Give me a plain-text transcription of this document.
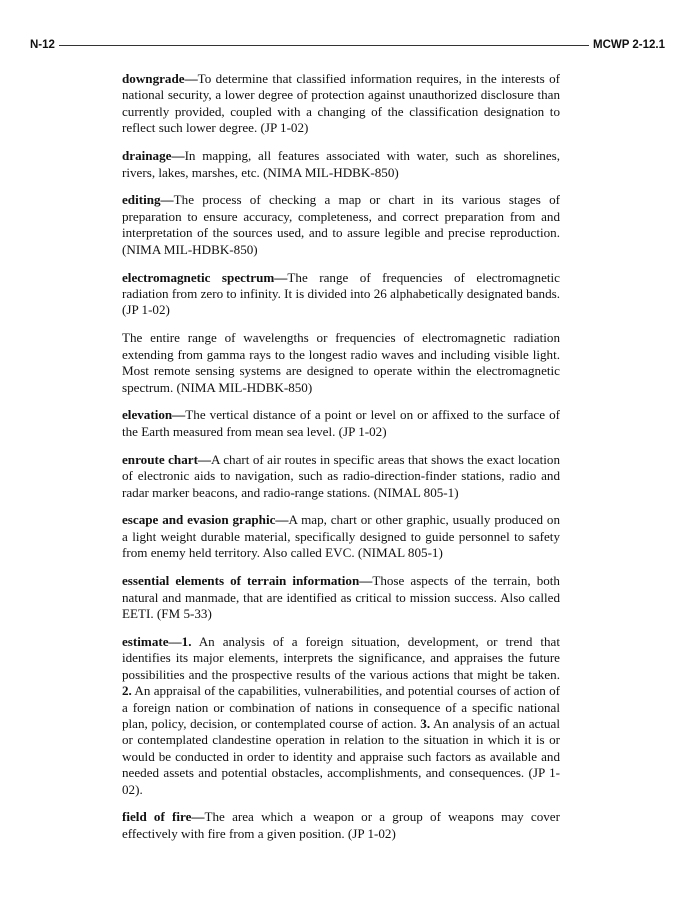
N-12	MCWP 2-12.1

downgrade—To determine that classified information requires, in the interests of national security, a lower degree of protection against unauthorized disclosure than currently provided, coupled with a changing of the classification designation to reflect such lower degree. (JP 1-02)

drainage—In mapping, all features associated with water, such as shorelines, rivers, lakes, marshes, etc. (NIMA MIL-HDBK-850)

editing—The process of checking a map or chart in its various stages of preparation to ensure accuracy, completeness, and correct preparation from and interpretation of the sources used, and to assure legible and precise reproduction. (NIMA MIL-HDBK-850)

electromagnetic spectrum—The range of frequencies of electromagnetic radiation from zero to infinity. It is divided into 26 alphabetically designated bands. (JP 1-02)

The entire range of wavelengths or frequencies of electromagnetic radiation extending from gamma rays to the longest radio waves and including visible light. Most remote sensing systems are designed to operate within the electromagnetic spectrum. (NIMA MIL-HDBK-850)

elevation—The vertical distance of a point or level on or affixed to the surface of the Earth measured from mean sea level. (JP 1-02)

enroute chart—A chart of air routes in specific areas that shows the exact location of electronic aids to navigation, such as radio-direction-finder stations, radio and radar marker beacons, and radio-range stations. (NIMAL 805-1)

escape and evasion graphic—A map, chart or other graphic, usually produced on a light weight durable material, specifically designed to guide personnel to safety from enemy held territory. Also called EVC. (NIMAL 805-1)

essential elements of terrain information—Those aspects of the terrain, both natural and manmade, that are identified as critical to mission success. Also called EETI. (FM 5-33)

estimate—1. An analysis of a foreign situation, development, or trend that identifies its major elements, interprets the significance, and appraises the future possibilities and the prospective results of the various actions that might be taken. 2. An appraisal of the capabilities, vulnerabilities, and potential courses of action of a foreign nation or combination of nations in consequence of a specific national plan, policy, decision, or contemplated course of action. 3. An analysis of an actual or contemplated clandestine operation in relation to the situation in which it is or would be conducted in order to identity and appraise such factors as available and needed assets and potential obstacles, accomplishments, and consequences. (JP 1-02).

field of fire—The area which a weapon or a group of weapons may cover effectively with fire from a given position. (JP 1-02)
